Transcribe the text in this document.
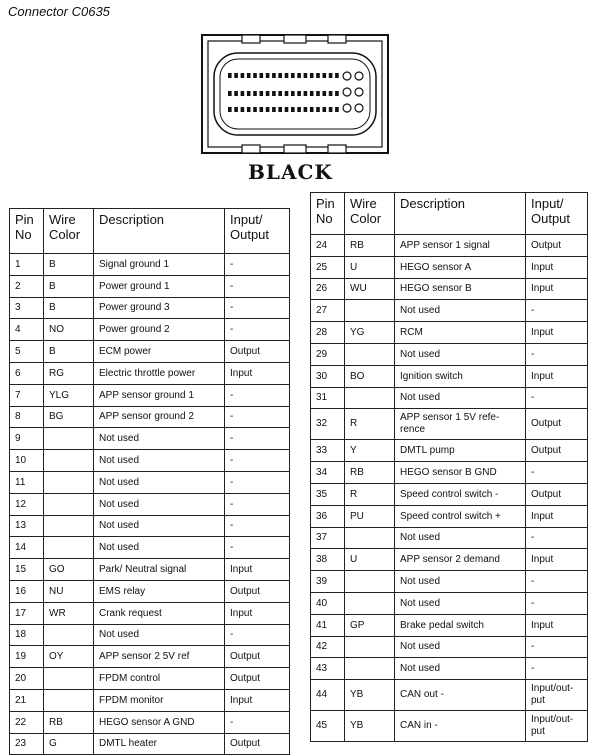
Connector C0635
BLACK
Pin No	Wire Color	Description	Input/ Output
1	B	Signal ground 1	-
2	B	Power ground 1	-
3	B	Power ground 3	-
4	NO	Power ground 2	-
5	B	ECM power	Output
6	RG	Electric throttle power	Input
7	YLG	APP sensor ground 1	-
8	BG	APP sensor ground 2	-
9		Not used	-
10		Not used	-
11		Not used	-
12		Not used	-
13		Not used	-
14		Not used	-
15	GO	Park/ Neutral signal	Input
16	NU	EMS relay	Output
17	WR	Crank request	Input
18		Not used	-
19	OY	APP sensor 2 5V ref	Output
20		FPDM control	Output
21		FPDM monitor	Input
22	RB	HEGO sensor A GND	-
23	G	DMTL heater	Output
Pin No	Wire Color	Description	Input/ Output
24	RB	APP sensor 1 signal	Output
25	U	HEGO sensor A	Input
26	WU	HEGO sensor B	Input
27		Not used	-
28	YG	RCM	Input
29		Not used	-
30	BO	Ignition switch	Input
31		Not used	-
32	R	APP sensor 1 5V refe- rence	Output
33	Y	DMTL pump	Output
34	RB	HEGO sensor B GND	-
35	R	Speed control switch -	Output
36	PU	Speed control switch +	Input
37		Not used	-
38	U	APP sensor 2 demand	Input
39		Not used	-
40		Not used	-
41	GP	Brake pedal switch	Input
42		Not used	-
43		Not used	-
44	YB	CAN out -	Input/out- put
45	YB	CAN in -	Input/out- put
